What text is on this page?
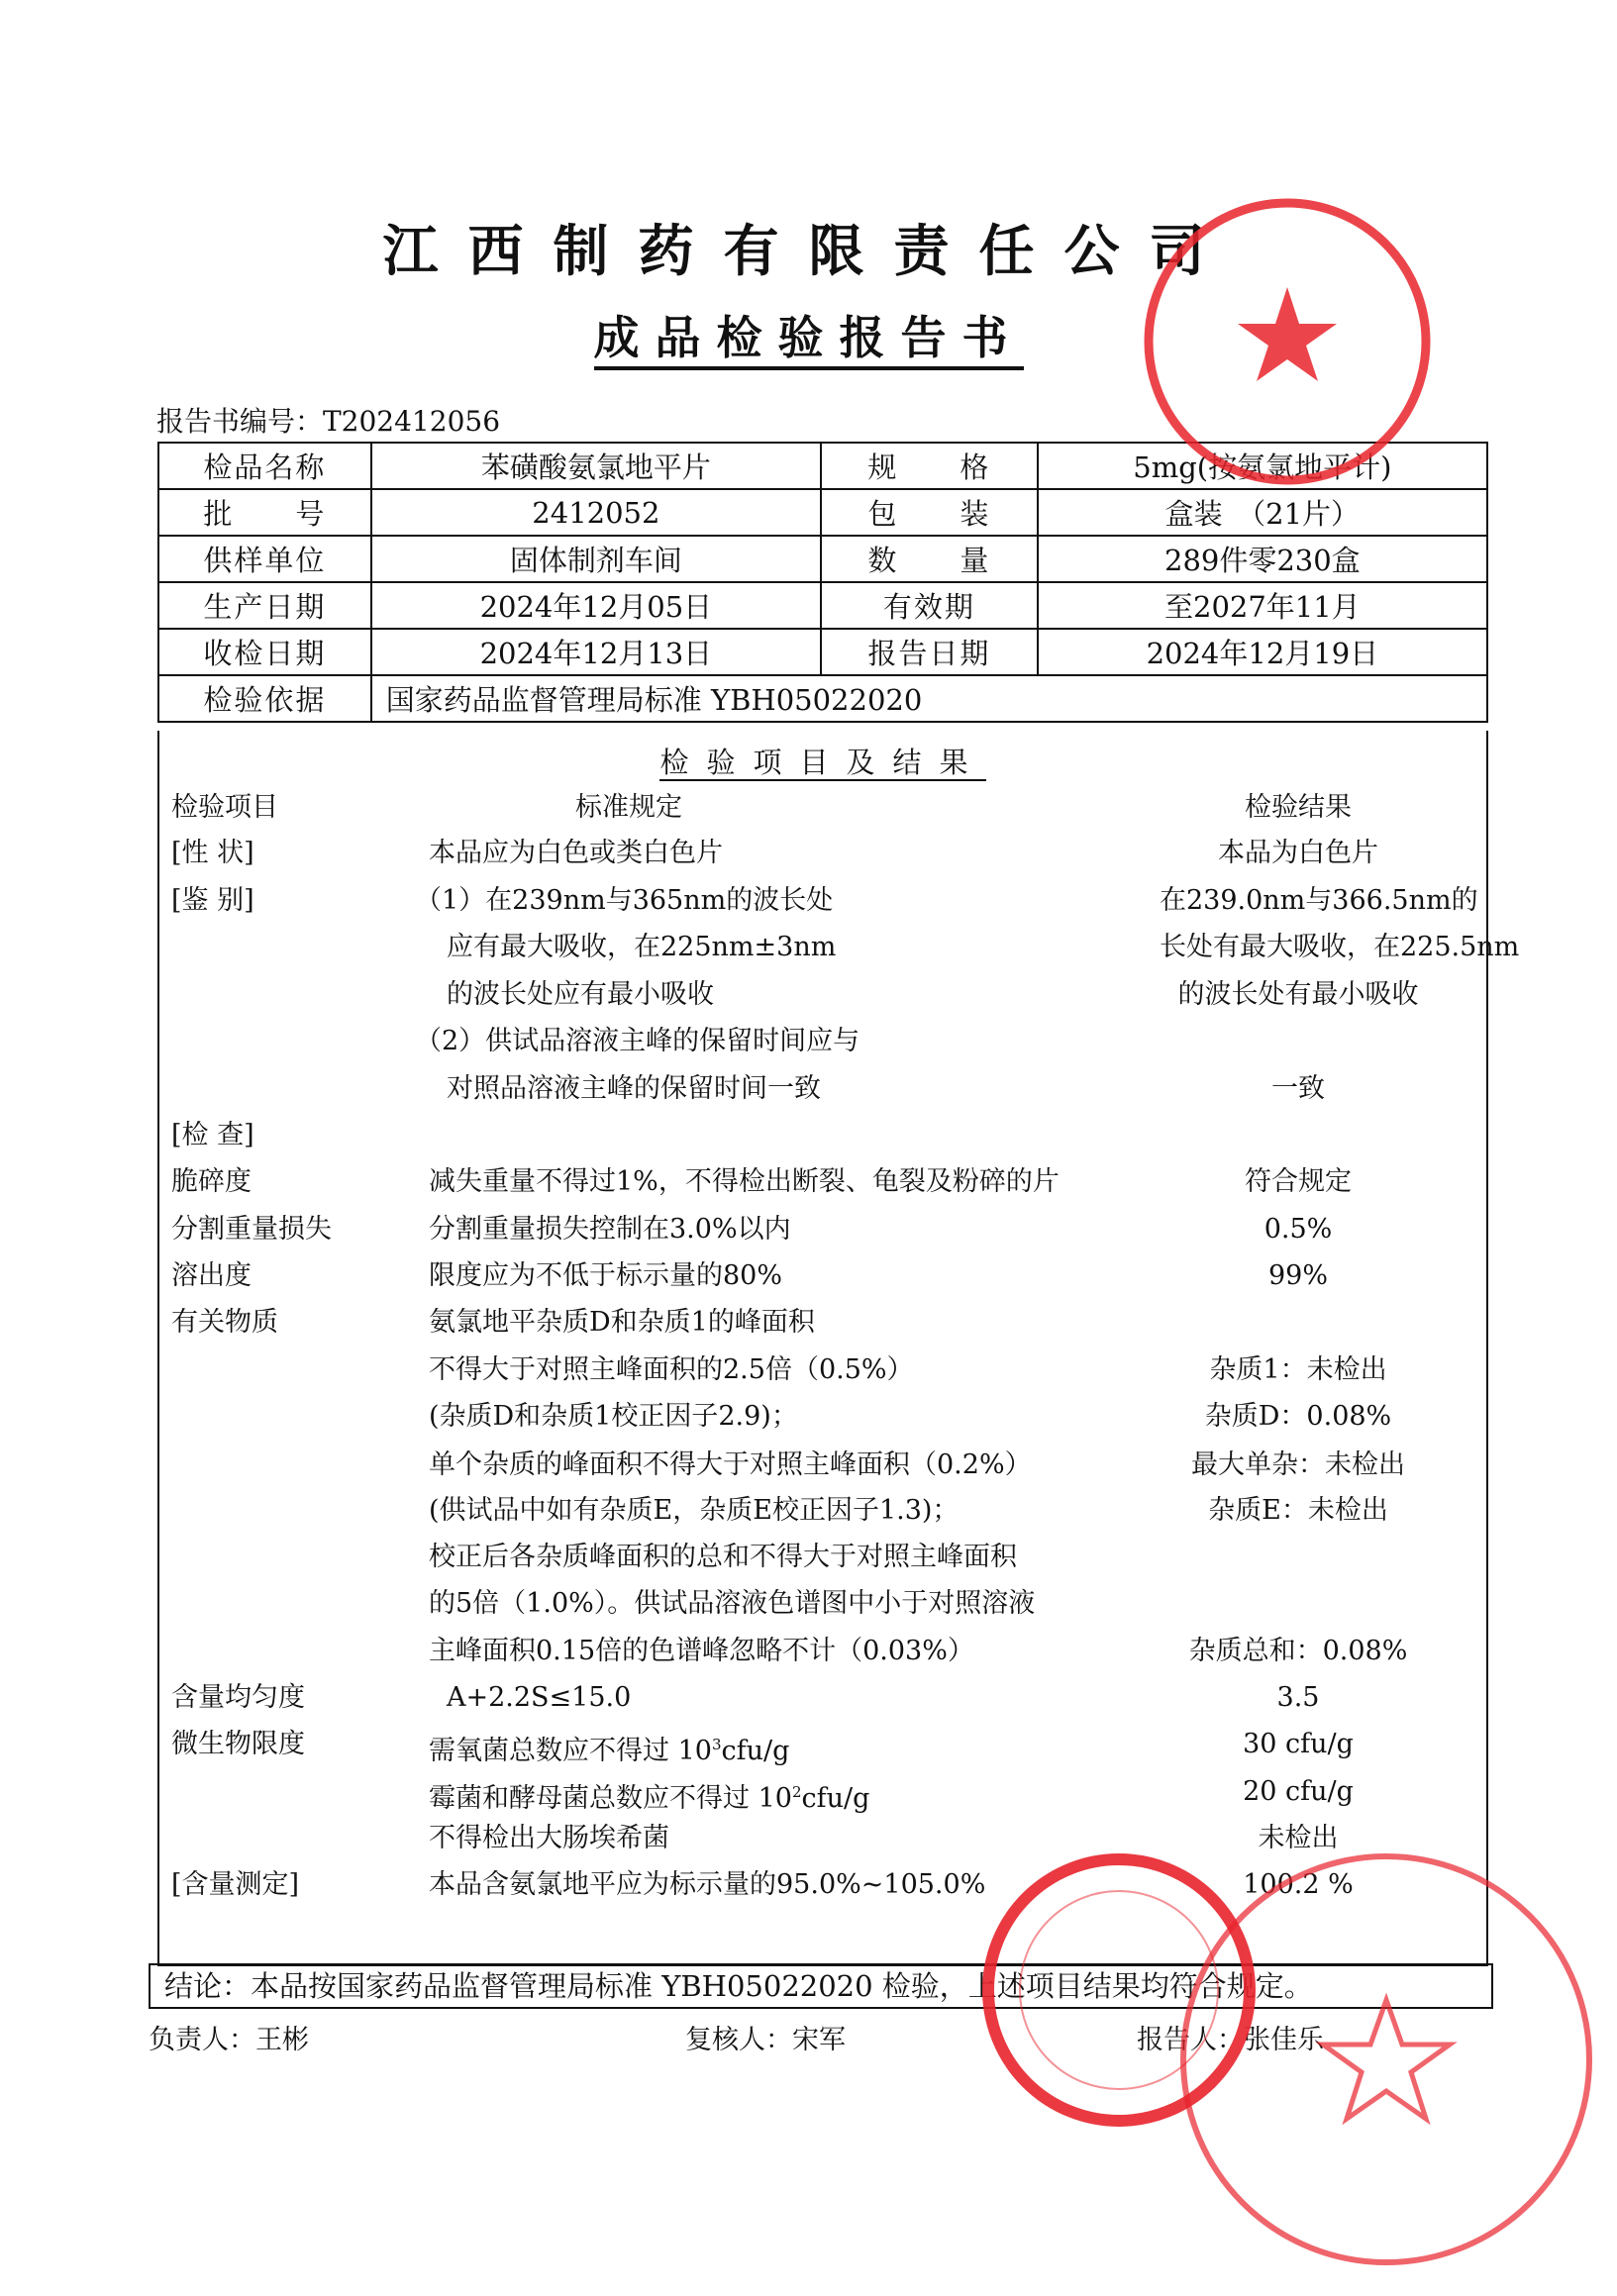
江西制药有限责任公司
成品检验报告书
报告书编号：T202412056
检品名称	苯磺酸氨氯地平片	规　　格	5mg(按氨氯地平计)
批　　号	2412052	包　　装	盒装　（21片）
供样单位	固体制剂车间	数　　量	289件零230盒
生产日期	2024年12月05日	有效期	至2027年11月
收检日期	2024年12月13日	报告日期	2024年12月19日
检验依据	国家药品监督管理局标准 YBH05022020		
检验项目及结果
检验项目	标准规定	检验结果
[性 状]	本品应为白色或类白色片	本品为白色片
[鉴 别]	（1）在239nm与365nm的波长处	在239.0nm与366.5nm的
应有最大吸收，在225nm±3nm	长处有最大吸收，在225.5nm
的波长处应有最小吸收	的波长处有最小吸收
（2）供试品溶液主峰的保留时间应与
对照品溶液主峰的保留时间一致	一致
[检 查]
脆碎度	减失重量不得过1%，不得检出断裂、龟裂及粉碎的片	符合规定
分割重量损失	分割重量损失控制在3.0%以内	0.5%
溶出度	限度应为不低于标示量的80%	99%
有关物质	氨氯地平杂质D和杂质1的峰面积
不得大于对照主峰面积的2.5倍（0.5%）	杂质1：未检出
(杂质D和杂质1校正因子2.9)；	杂质D：0.08%
单个杂质的峰面积不得大于对照主峰面积（0.2%）	最大单杂：未检出
(供试品中如有杂质E，杂质E校正因子1.3)；	杂质E：未检出
校正后各杂质峰面积的总和不得大于对照主峰面积
的5倍（1.0%）。供试品溶液色谱图中小于对照溶液
主峰面积0.15倍的色谱峰忽略不计（0.03%）	杂质总和：0.08%
含量均匀度	A+2.2S≤15.0	3.5
微生物限度	需氧菌总数应不得过 $10^3cfu/g$	30 cfu/g
霉菌和酵母菌总数应不得过 $10^2cfu/g$	20 cfu/g
不得检出大肠埃希菌	未检出
[含量测定]	本品含氨氯地平应为标示量的95.0%~105.0%	100.2 %
结论：本品按国家药品监督管理局标准 YBH05022020 检验，上述项目结果均符合规定。
负责人：王彬	复核人：宋军	报告人：张佳乐
